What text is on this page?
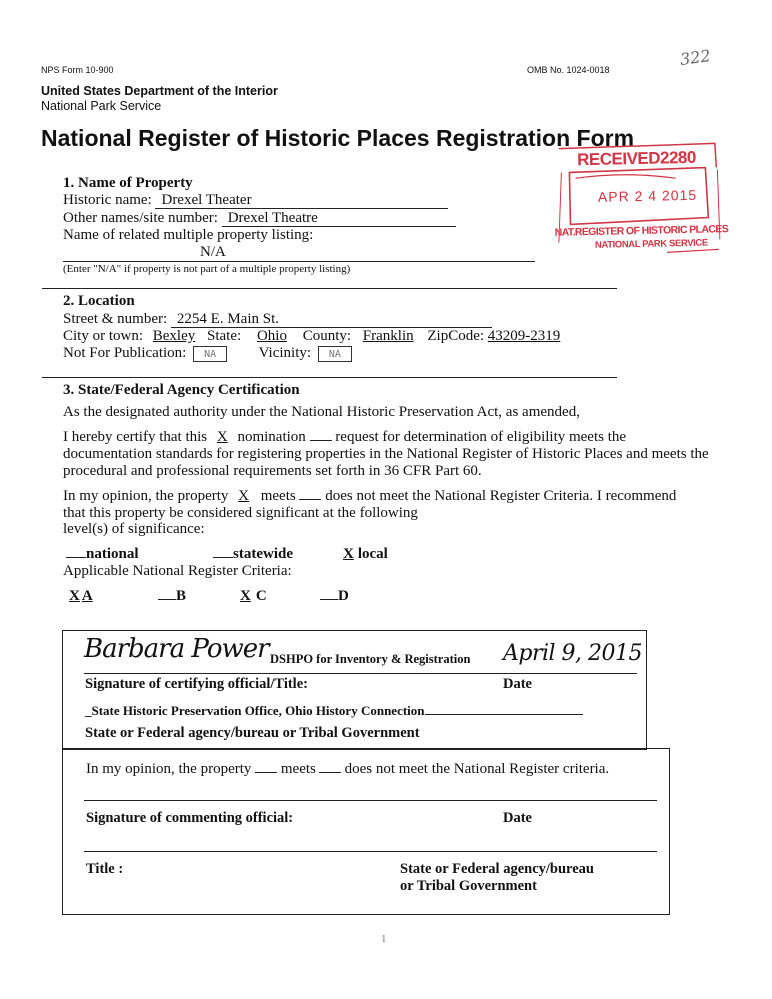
NPS Form 10-900	OMB No. 1024-0018
322
United States Department of the Interior
National Park Service
National Register of Historic Places Registration Form
RECEIVED2280
APR 2 4 2015
NAT.REGISTER OF HISTORIC PLACES
NATIONAL PARK SERVICE
1. Name of Property
Historic name: Drexel Theater
Other names/site number: Drexel Theatre
Name of related multiple property listing:
N/A
(Enter "N/A" if property is not part of a multiple property listing)
2. Location
Street & number: 2254 E. Main St.
City or town: Bexley State: Ohio County: Franklin ZipCode: 43209-2319
Not For Publication: NA	Vicinity: NA
3. State/Federal Agency Certification
As the designated authority under the National Historic Preservation Act, as amended,
I hereby certify that this X nomination request for determination of eligibility meets the
documentation standards for registering properties in the National Register of Historic Places and meets the
procedural and professional requirements set forth in 36 CFR Part 60.
In my opinion, the property X meets does not meet the National Register Criteria. I recommend
that this property be considered significant at the following
level(s) of significance:
national	statewide	X local
Applicable National Register Criteria:
X A	B	X C	D
Barbara Power DSHPO for Inventory & Registration April 9, 2015
Signature of certifying official/Title:	Date
_State Historic Preservation Office, Ohio History Connection
State or Federal agency/bureau or Tribal Government
In my opinion, the property meets does not meet the National Register criteria.
Signature of commenting official:	Date
Title :	State or Federal agency/bureau
or Tribal Government
1
